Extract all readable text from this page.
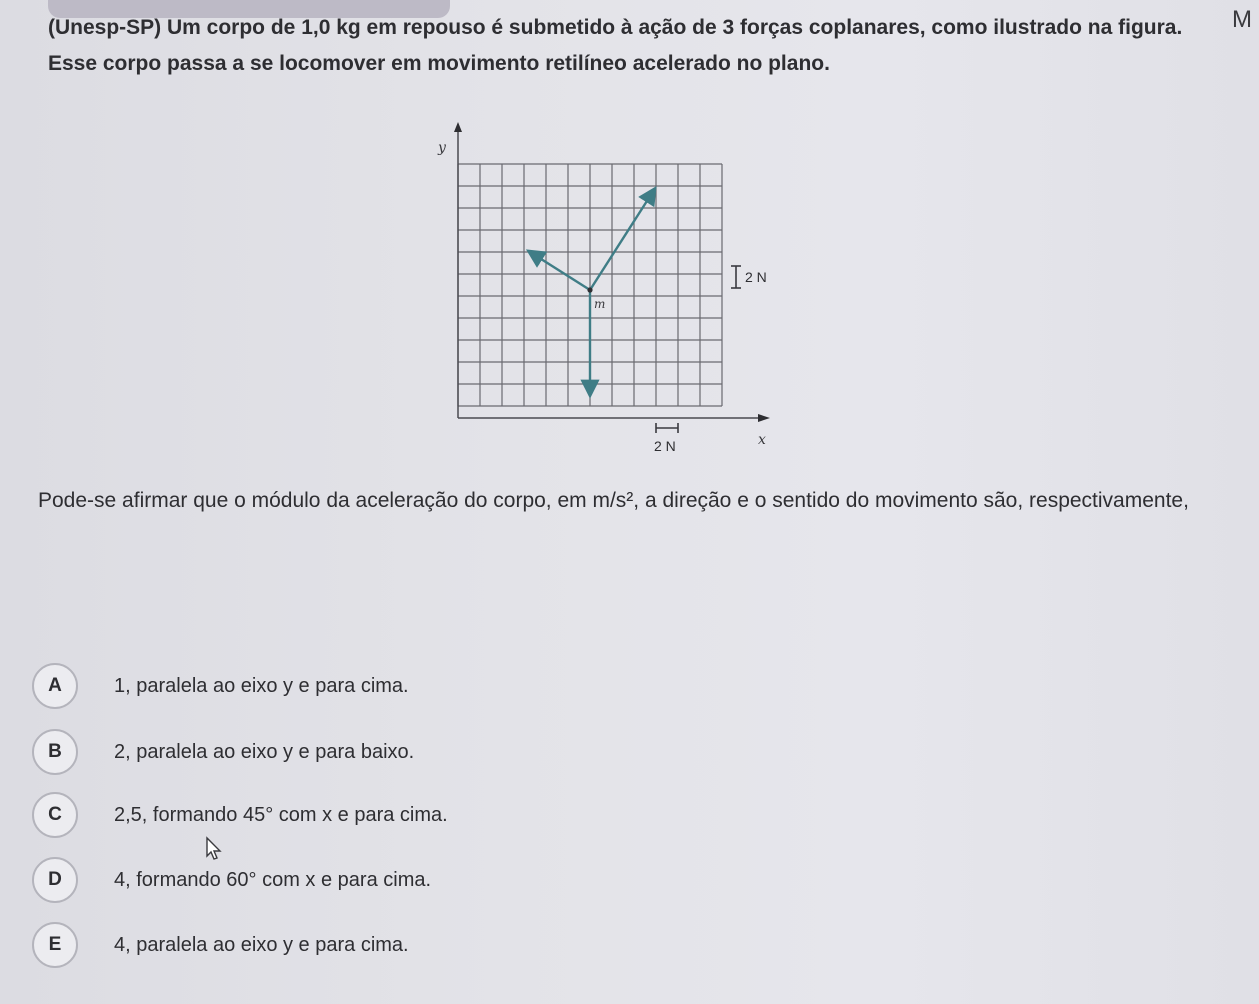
M
(Unesp-SP) Um corpo de 1,0 kg em repouso é submetido à ação de 3 forças coplanares, como ilustrado na figura. Esse corpo passa a se locomover em movimento retilíneo acelerado no plano.
y
x
m
2 N
2 N
Pode-se afirmar que o módulo da aceleração do corpo, em m/s², a direção e o sentido do movimento são, respectivamente,
A	1, paralela ao eixo y e para cima.
B	2, paralela ao eixo y e para baixo.
C	2,5, formando 45° com x e para cima.
D	4, formando 60° com x e para cima.
E	4, paralela ao eixo y e para cima.
